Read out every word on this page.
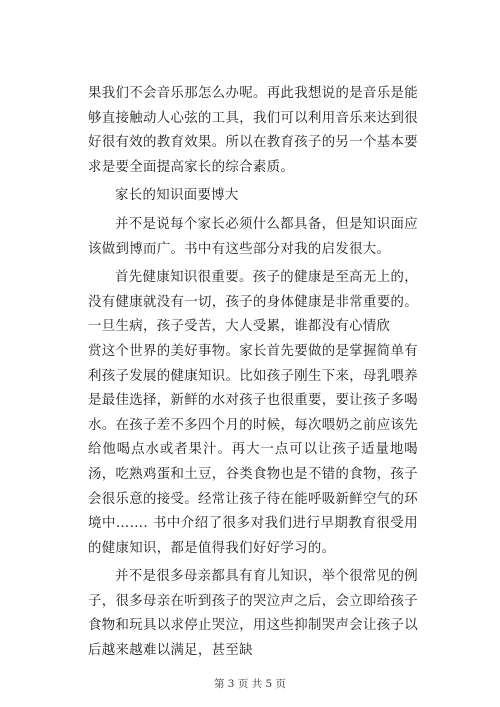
果我们不会音乐那怎么办呢。再此我想说的是音乐是能够直接触动人心弦的工具，我们可以利用音乐来达到很好很有效的教育效果。所以在教育孩子的另一个基本要求是要全面提高家长的综合素质。

家长的知识面要博大

并不是说每个家长必须什么都具备，但是知识面应该做到博而广。书中有这些部分对我的启发很大。

首先健康知识很重要。孩子的健康是至高无上的，没有健康就没有一切，孩子的身体健康是非常重要的。一旦生病，孩子受苦，大人受累，谁都没有心情欣

赏这个世界的美好事物。家长首先要做的是掌握简单有利孩子发展的健康知识。比如孩子刚生下来，母乳喂养是最佳选择，新鲜的水对孩子也很重要，要让孩子多喝水。在孩子差不多四个月的时候，每次喂奶之前应该先给他喝点水或者果汁。再大一点可以让孩子适量地喝汤，吃熟鸡蛋和土豆，谷类食物也是不错的食物，孩子会很乐意的接受。经常让孩子待在能呼吸新鲜空气的环境中……. 书中介绍了很多对我们进行早期教育很受用的健康知识，都是值得我们好好学习的。

并不是很多母亲都具有育儿知识，举个很常见的例子，很多母亲在听到孩子的哭泣声之后，会立即给孩子食物和玩具以求停止哭泣，用这些抑制哭声会让孩子以后越来越难以满足，甚至缺

第 3 页 共 5 页
